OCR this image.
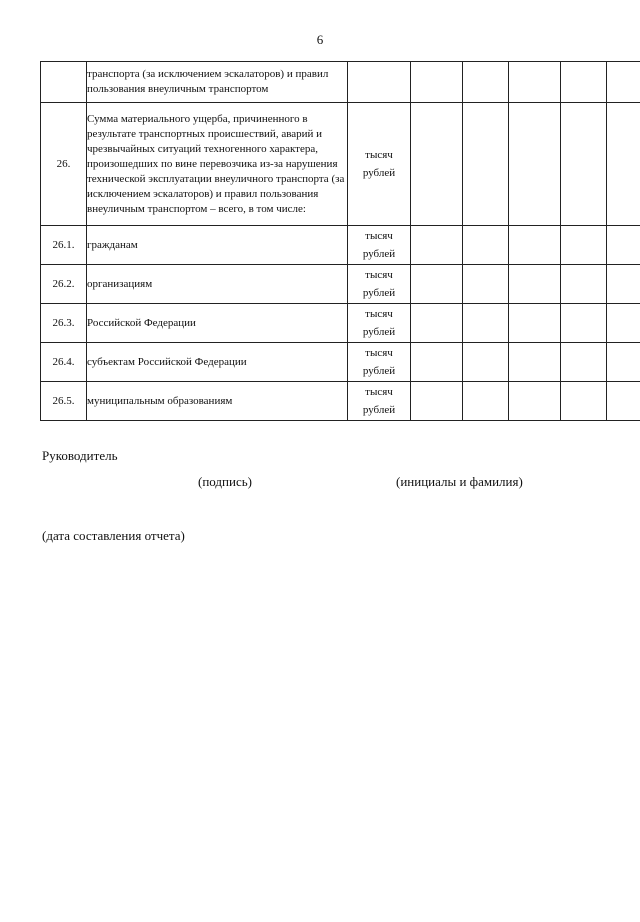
6
	транспорта (за исключением эскалаторов) и правил пользования внеуличным транспортом						
26.	Сумма материального ущерба, причиненного в результате транспортных происшествий, аварий и чрезвычайных ситуаций техногенного характера, произошедших по вине перевозчика из-за нарушения технической эксплуатации внеуличного транспорта (за исключением эскалаторов) и правил пользования внеуличным транспортом – всего, в том числе:	тысяч рублей					
26.1.	гражданам	тысяч рублей					
26.2.	организациям	тысяч рублей					
26.3.	Российской Федерации	тысяч рублей					
26.4.	субъектам Российской Федерации	тысяч рублей					
26.5.	муниципальным образованиям	тысяч рублей					
Руководитель
(подпись)	(инициалы и фамилия)
(дата составления отчета)
